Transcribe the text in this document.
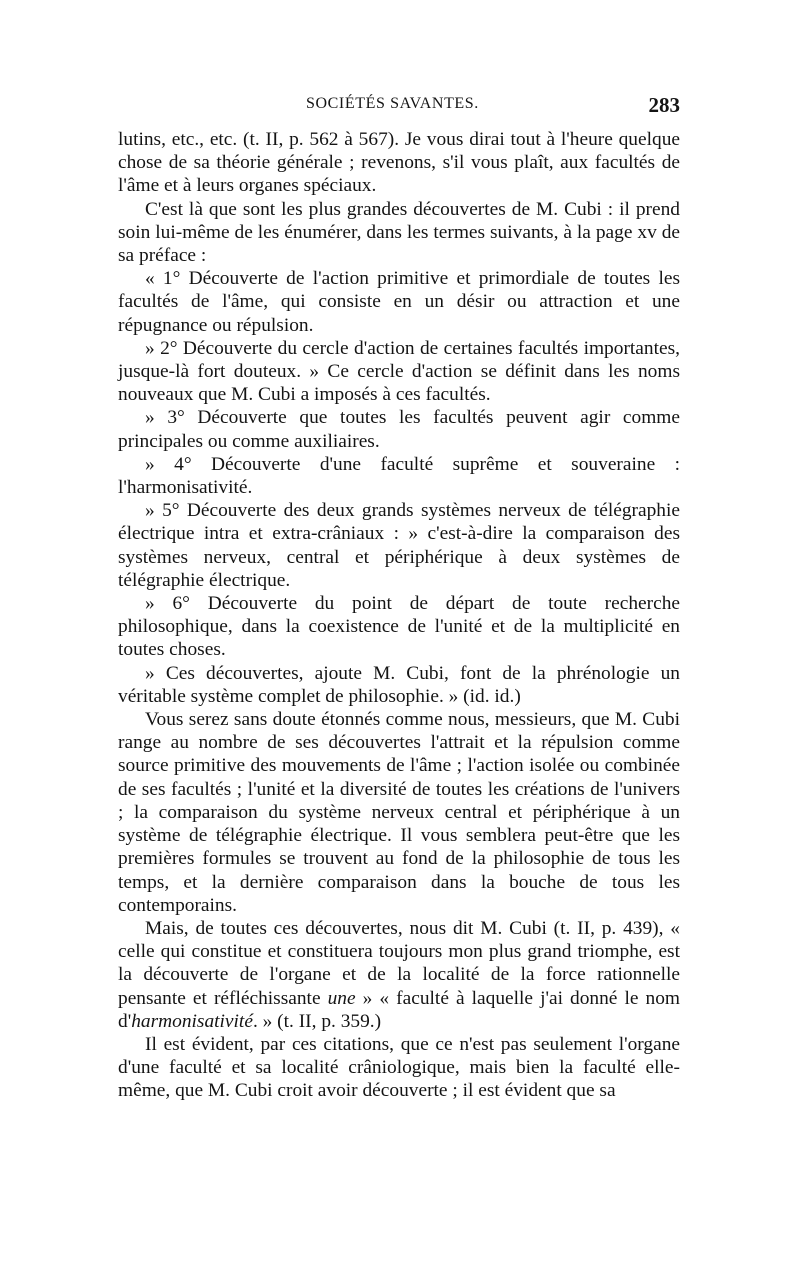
SOCIÉTÉS SAVANTES.	283

lutins, etc., etc. (t. II, p. 562 à 567). Je vous dirai tout à l'heure quelque chose de sa théorie générale ; revenons, s'il vous plaît, aux facultés de l'âme et à leurs organes spéciaux.

C'est là que sont les plus grandes découvertes de M. Cubi : il prend soin lui-même de les énumérer, dans les termes suivants, à la page xv de sa préface :

« 1° Découverte de l'action primitive et primordiale de toutes les facultés de l'âme, qui consiste en un désir ou attraction et une répugnance ou répulsion.

» 2° Découverte du cercle d'action de certaines facultés importantes, jusque-là fort douteux. » Ce cercle d'action se définit dans les noms nouveaux que M. Cubi a imposés à ces facultés.

» 3° Découverte que toutes les facultés peuvent agir comme principales ou comme auxiliaires.

» 4° Découverte d'une faculté suprême et souveraine : l'harmonisativité.

» 5° Découverte des deux grands systèmes nerveux de télégraphie électrique intra et extra-crâniaux : » c'est-à-dire la comparaison des systèmes nerveux, central et périphérique à deux systèmes de télégraphie électrique.

» 6° Découverte du point de départ de toute recherche philosophique, dans la coexistence de l'unité et de la multiplicité en toutes choses.

» Ces découvertes, ajoute M. Cubi, font de la phrénologie un véritable système complet de philosophie. » (id. id.)

Vous serez sans doute étonnés comme nous, messieurs, que M. Cubi range au nombre de ses découvertes l'attrait et la répulsion comme source primitive des mouvements de l'âme ; l'action isolée ou combinée de ses facultés ; l'unité et la diversité de toutes les créations de l'univers ; la comparaison du système nerveux central et périphérique à un système de télégraphie électrique. Il vous semblera peut-être que les premières formules se trouvent au fond de la philosophie de tous les temps, et la dernière comparaison dans la bouche de tous les contemporains.

Mais, de toutes ces découvertes, nous dit M. Cubi (t. II, p. 439), « celle qui constitue et constituera toujours mon plus grand triomphe, est la découverte de l'organe et de la localité de la force rationnelle pensante et réfléchissante une » « faculté à laquelle j'ai donné le nom d'harmonisativité. » (t. II, p. 359.)

Il est évident, par ces citations, que ce n'est pas seulement l'organe d'une faculté et sa localité crâniologique, mais bien la faculté elle-même, que M. Cubi croit avoir découverte ; il est évident que sa
